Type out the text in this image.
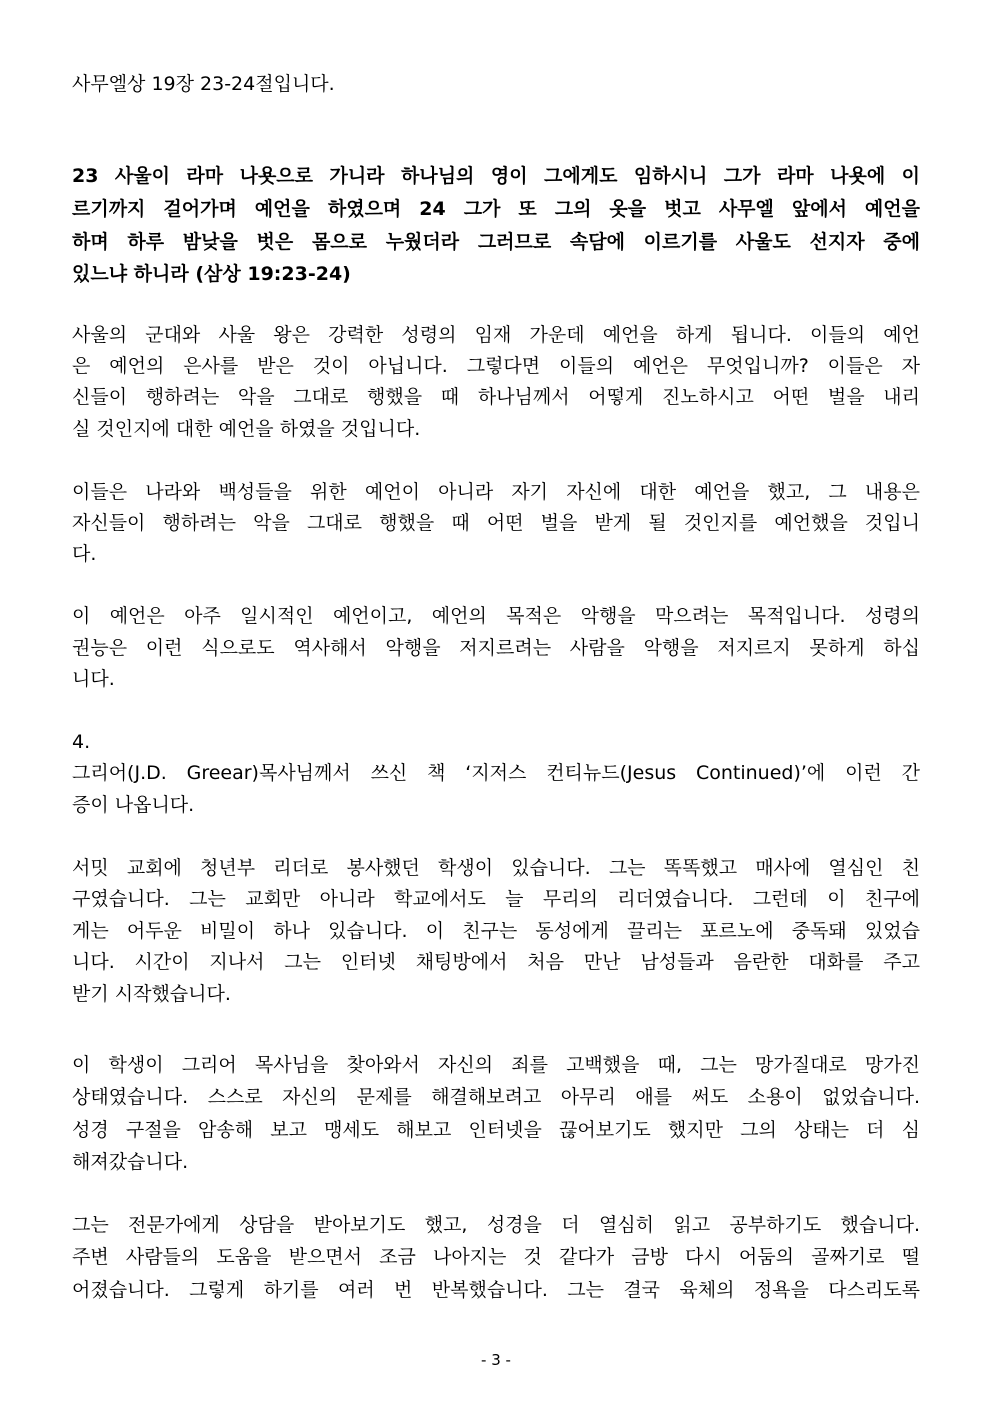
사무엘상 19장 23-24절입니다.
23 사울이 라마 나욧으로 가니라 하나님의 영이 그에게도 임하시니 그가 라마 나욧에 이
르기까지 걸어가며 예언을 하였으며 24 그가 또 그의 옷을 벗고 사무엘 앞에서 예언을
하며 하루 밤낮을 벗은 몸으로 누웠더라 그러므로 속담에 이르기를 사울도 선지자 중에
있느냐 하니라 (삼상 19:23-24)
사울의 군대와 사울 왕은 강력한 성령의 임재 가운데 예언을 하게 됩니다. 이들의 예언
은 예언의 은사를 받은 것이 아닙니다. 그렇다면 이들의 예언은 무엇입니까? 이들은 자
신들이 행하려는 악을 그대로 행했을 때 하나님께서 어떻게 진노하시고 어떤 벌을 내리
실 것인지에 대한 예언을 하였을 것입니다.
이들은 나라와 백성들을 위한 예언이 아니라 자기 자신에 대한 예언을 했고, 그 내용은
자신들이 행하려는 악을 그대로 행했을 때 어떤 벌을 받게 될 것인지를 예언했을 것입니
다.
이 예언은 아주 일시적인 예언이고, 예언의 목적은 악행을 막으려는 목적입니다. 성령의
권능은 이런 식으로도 역사해서 악행을 저지르려는 사람을 악행을 저지르지 못하게 하십
니다.
4.
그리어(J.D. Greear)목사님께서 쓰신 책 ‘지저스 컨티뉴드(Jesus Continued)’에 이런 간
증이 나옵니다.
서밋 교회에 청년부 리더로 봉사했던 학생이 있습니다. 그는 똑똑했고 매사에 열심인 친
구였습니다. 그는 교회만 아니라 학교에서도 늘 무리의 리더였습니다. 그런데 이 친구에
게는 어두운 비밀이 하나 있습니다. 이 친구는 동성에게 끌리는 포르노에 중독돼 있었습
니다. 시간이 지나서 그는 인터넷 채팅방에서 처음 만난 남성들과 음란한 대화를 주고
받기 시작했습니다.
이 학생이 그리어 목사님을 찾아와서 자신의 죄를 고백했을 때, 그는 망가질대로 망가진
상태였습니다. 스스로 자신의 문제를 해결해보려고 아무리 애를 써도 소용이 없었습니다.
성경 구절을 암송해 보고 맹세도 해보고 인터넷을 끊어보기도 했지만 그의 상태는 더 심
해져갔습니다.
그는 전문가에게 상담을 받아보기도 했고, 성경을 더 열심히 읽고 공부하기도 했습니다.
주변 사람들의 도움을 받으면서 조금 나아지는 것 같다가 금방 다시 어둠의 골짜기로 떨
어졌습니다. 그렇게 하기를 여러 번 반복했습니다. 그는 결국 육체의 정욕을 다스리도록
- 3 -
